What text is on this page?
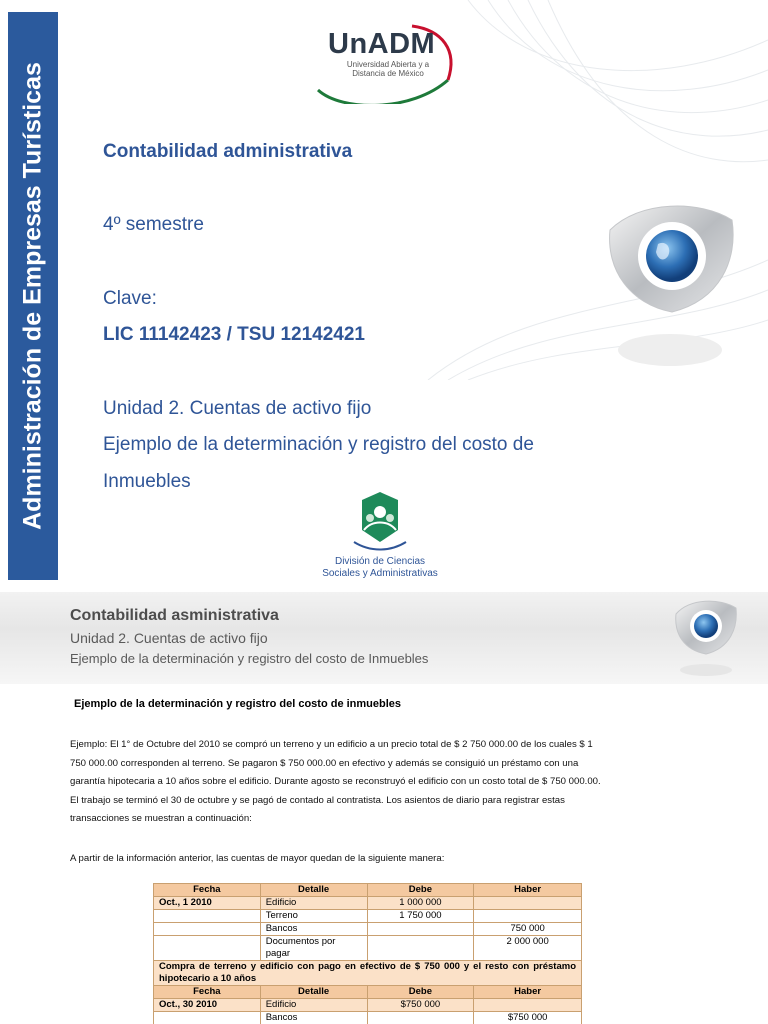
Administración de Empresas Turísticas
UnADM
Universidad Abierta y a
Distancia de México
Contabilidad administrativa
4º semestre
Clave:
LIC 11142423 / TSU 12142421
Unidad 2. Cuentas de activo fijo
Ejemplo de la determinación y registro del costo de
Inmuebles
División de Ciencias
Sociales y Administrativas
Contabilidad asministrativa
Unidad 2. Cuentas de activo fijo
Ejemplo de la determinación y registro del costo de Inmuebles
Ejemplo de la determinación y registro del costo de inmuebles
Ejemplo: El 1° de Octubre del 2010 se compró un terreno y un edificio a un precio total de $ 2 750 000.00 de los cuales $ 1
750 000.00 corresponden al terreno. Se pagaron $ 750 000.00 en efectivo y además se consiguió un préstamo con una
garantía hipotecaria a 10 años sobre el edificio. Durante agosto se reconstruyó el edificio con un costo total de $ 750 000.00.
El trabajo se terminó el 30 de octubre y se pagó de contado al contratista. Los asientos de diario para registrar estas
transacciones se muestran a continuación:
A partir de la información anterior, las cuentas de mayor quedan de la siguiente manera:
Fecha	Detalle	Debe	Haber
Oct., 1 2010	Edificio	1 000 000	
	Terreno	1 750 000	
	Bancos		750 000
	Documentos por pagar		2 000 000
Compra de terreno y edificio con pago en efectivo de $ 750 000 y el resto con préstamo hipotecario a 10 años			
Fecha	Detalle	Debe	Haber
Oct., 30 2010	Edificio	$750 000	
	Bancos		$750 000
